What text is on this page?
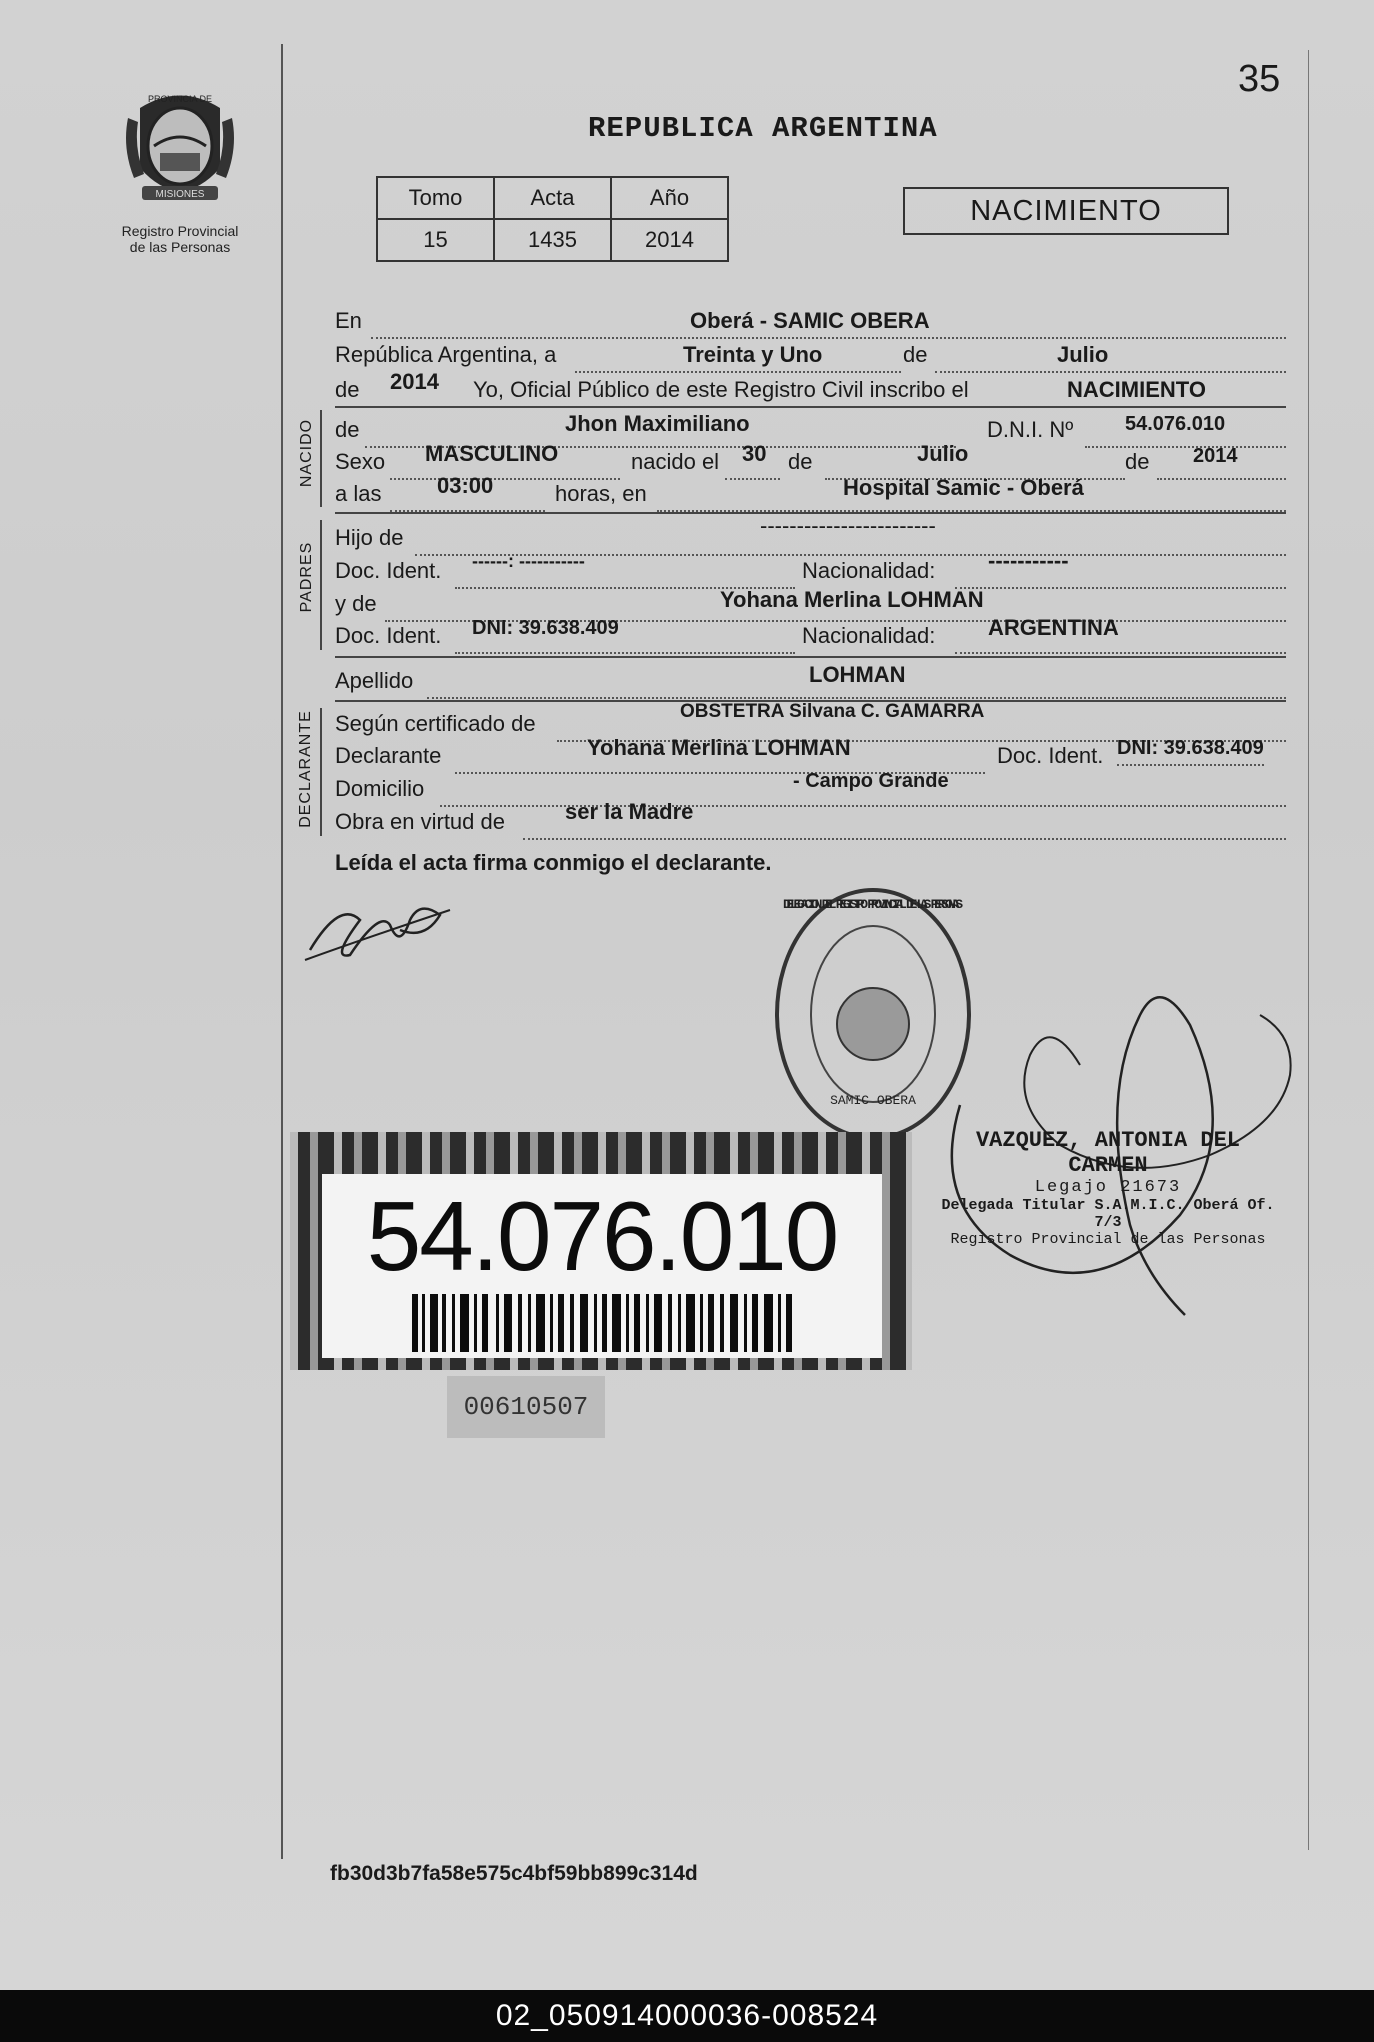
MISIONES
PROVINCIA DE
Registro Provincial
de las Personas
35
REPUBLICA ARGENTINA
Tomo	Acta	Año
15	1435	2014
NACIMIENTO
En	Oberá - SAMIC OBERA
República Argentina, a	Treinta y Uno	de	Julio
de 2014 Yo, Oficial Público de este Registro Civil inscribo el	NACIMIENTO
NACIDO de	Jhon Maximiliano	D.N.I. Nº	54.076.010
Sexo MASCULINO	nacido el 30 de	Julio	de 2014
a las	03:00	horas, en	Hospital Samic - Oberá
PADRES
Hijo de	------------------------
Doc. Ident. ------: -----------	Nacionalidad: -----------
y de	Yohana Merlina LOHMAN
Doc. Ident. DNI: 39.638.409	Nacionalidad: ARGENTINA
Apellido	LOHMAN
DECLARANTE Según certificado de	OBSTETRA Silvana C. GAMARRA
Declarante	Yohana Merlina LOHMAN	Doc. Ident. DNI: 39.638.409
Domicilio	- Campo Grande
Obra en virtud de	ser la Madre
Leída el acta firma conmigo el declarante.
DELEGACION DEL REGISTRO PROVINCIAL DE LAS PERSONAS
SAMIC OBERA
VAZQUEZ, ANTONIA DEL CARMEN
Legajo 21673
Delegada Titular S.A.M.I.C. Oberá Of. 7/3
Registro Provincial de las Personas
54.076.010
00610507
fb30d3b7fa58e575c4bf59bb899c314d
02_050914000036-008524
